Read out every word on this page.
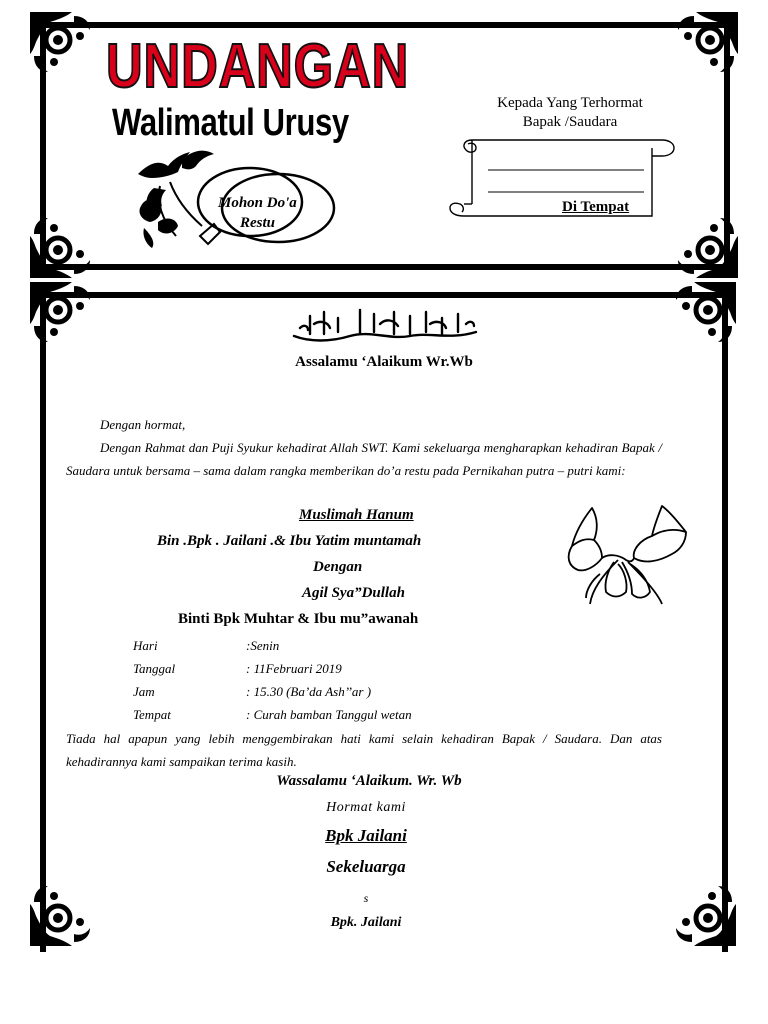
UNDANGAN
Walimatul Urusy
Mohon Do'a
Restu
Kepada Yang Terhormat
Bapak /Saudara
Di Tempat
Assalamu ‘Alaikum Wr.Wb
Dengan hormat,
Dengan Rahmat dan Puji Syukur kehadirat Allah SWT. Kami sekeluarga mengharapkan kehadiran Bapak / Saudara untuk bersama – sama dalam rangka memberikan do’a restu pada Pernikahan putra – putri kami:
Muslimah Hanum
Bin .Bpk . Jailani .& Ibu Yatim muntamah
Dengan
Agil Sya”Dullah
Binti Bpk Muhtar & Ibu mu”awanah
Hari	:Senin
Tanggal	: 11Februari 2019
Jam	: 15.30 (Ba’da Ash’’ar )
Tempat	: Curah bamban Tanggul wetan
Tiada hal apapun yang lebih menggembirakan hati kami selain kehadiran Bapak / Saudara. Dan atas kehadirannya kami sampaikan terima kasih.
Wassalamu ‘Alaikum. Wr. Wb
Hormat kami
Bpk Jailani
Sekeluarga
s
Bpk. Jailani
